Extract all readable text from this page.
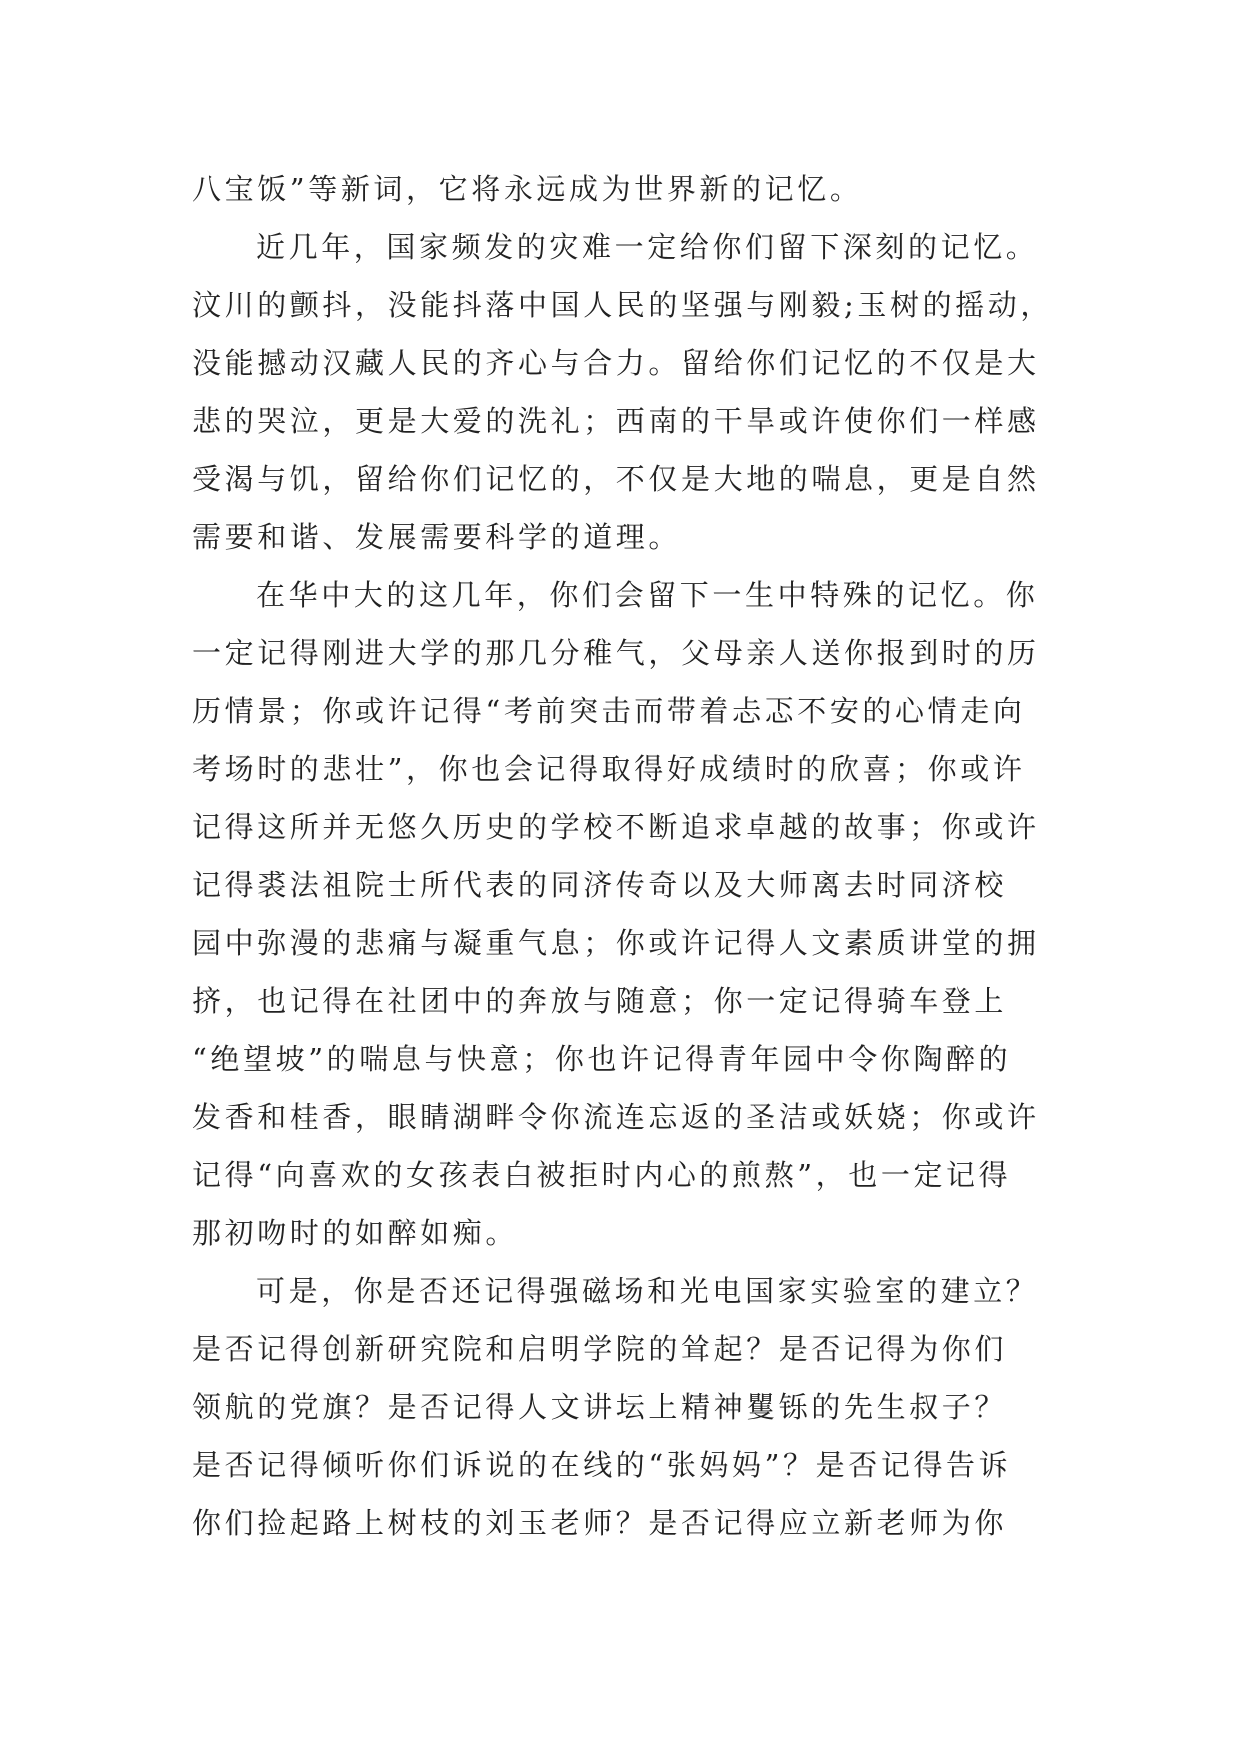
八宝饭”等新词，它将永远成为世界新的记忆。
近几年，国家频发的灾难一定给你们留下深刻的记忆。
汶川的颤抖，没能抖落中国人民的坚强与刚毅;玉树的摇动，
没能撼动汉藏人民的齐心与合力。留给你们记忆的不仅是大
悲的哭泣，更是大爱的洗礼；西南的干旱或许使你们一样感
受渴与饥，留给你们记忆的，不仅是大地的喘息，更是自然
需要和谐、发展需要科学的道理。
在华中大的这几年，你们会留下一生中特殊的记忆。你
一定记得刚进大学的那几分稚气，父母亲人送你报到时的历
历情景；你或许记得“考前突击而带着忐忑不安的心情走向
考场时的悲壮”，你也会记得取得好成绩时的欣喜；你或许
记得这所并无悠久历史的学校不断追求卓越的故事；你或许
记得裘法祖院士所代表的同济传奇以及大师离去时同济校
园中弥漫的悲痛与凝重气息；你或许记得人文素质讲堂的拥
挤，也记得在社团中的奔放与随意；你一定记得骑车登上
“绝望坡”的喘息与快意；你也许记得青年园中令你陶醉的
发香和桂香，眼睛湖畔令你流连忘返的圣洁或妖娆；你或许
记得“向喜欢的女孩表白被拒时内心的煎熬”，也一定记得
那初吻时的如醉如痴。
可是，你是否还记得强磁场和光电国家实验室的建立？
是否记得创新研究院和启明学院的耸起？是否记得为你们
领航的党旗？是否记得人文讲坛上精神矍铄的先生叔子？
是否记得倾听你们诉说的在线的“张妈妈”？是否记得告诉
你们捡起路上树枝的刘玉老师？是否记得应立新老师为你
